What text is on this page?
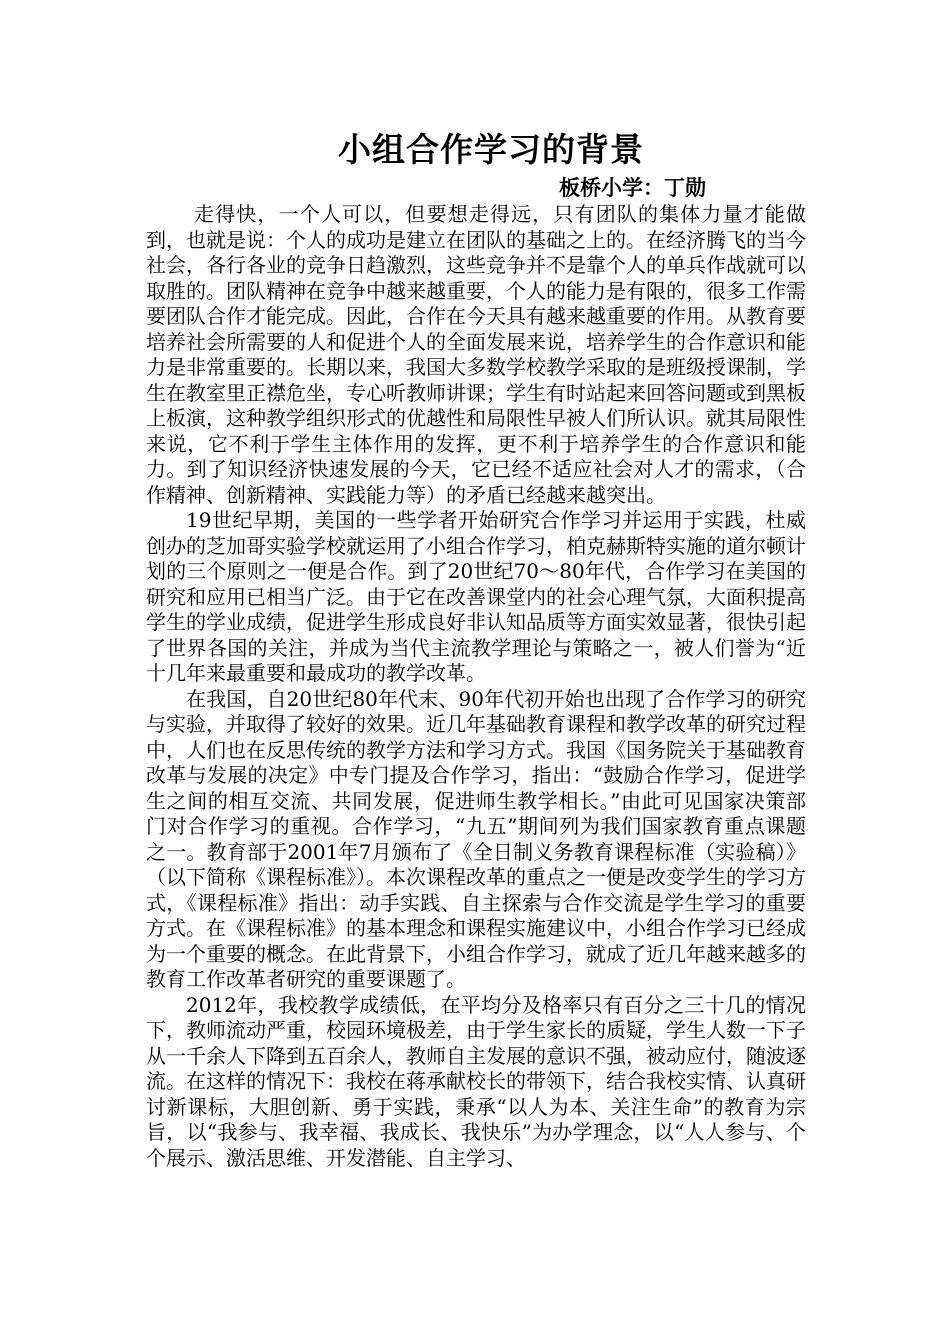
小组合作学习的背景

板桥小学：丁勋

走得快，一个人可以，但要想走得远，只有团队的集体力量才能做到，也就是说：个人的成功是建立在团队的基础之上的。在经济腾飞的当今社会，各行各业的竞争日趋激烈，这些竞争并不是靠个人的单兵作战就可以取胜的。团队精神在竞争中越来越重要，个人的能力是有限的，很多工作需要团队合作才能完成。因此，合作在今天具有越来越重要的作用。从教育要培养社会所需要的人和促进个人的全面发展来说，培养学生的合作意识和能力是非常重要的。长期以来，我国大多数学校教学采取的是班级授课制，学生在教室里正襟危坐，专心听教师讲课；学生有时站起来回答问题或到黑板上板演，这种教学组织形式的优越性和局限性早被人们所认识。就其局限性来说，它不利于学生主体作用的发挥，更不利于培养学生的合作意识和能力。到了知识经济快速发展的今天，它已经不适应社会对人才的需求，（合作精神、创新精神、实践能力等）的矛盾已经越来越突出。

19世纪早期，美国的一些学者开始研究合作学习并运用于实践，杜威创办的芝加哥实验学校就运用了小组合作学习，柏克赫斯特实施的道尔顿计划的三个原则之一便是合作。到了20世纪70～80年代，合作学习在美国的研究和应用已相当广泛。由于它在改善课堂内的社会心理气氛，大面积提高学生的学业成绩，促进学生形成良好非认知品质等方面实效显著，很快引起了世界各国的关注，并成为当代主流教学理论与策略之一，被人们誉为“近十几年来最重要和最成功的教学改革。

在我国，自20世纪80年代末、90年代初开始也出现了合作学习的研究与实验，并取得了较好的效果。近几年基础教育课程和教学改革的研究过程中，人们也在反思传统的教学方法和学习方式。我国《国务院关于基础教育改革与发展的决定》中专门提及合作学习，指出：“鼓励合作学习，促进学生之间的相互交流、共同发展，促进师生教学相长。”由此可见国家决策部门对合作学习的重视。合作学习，“九五”期间列为我们国家教育重点课题之一。教育部于2001年7月颁布了《全日制义务教育课程标准（实验稿）》（以下简称《课程标准》）。本次课程改革的重点之一便是改变学生的学习方式，《课程标准》指出：动手实践、自主探索与合作交流是学生学习的重要方式。在《课程标准》的基本理念和课程实施建议中，小组合作学习已经成为一个重要的概念。在此背景下，小组合作学习，就成了近几年越来越多的教育工作改革者研究的重要课题了。

2012年，我校教学成绩低，在平均分及格率只有百分之三十几的情况下，教师流动严重，校园环境极差，由于学生家长的质疑，学生人数一下子从一千余人下降到五百余人，教师自主发展的意识不强，被动应付，随波逐流。在这样的情况下：我校在蒋承献校长的带领下，结合我校实情、认真研讨新课标，大胆创新、勇于实践，秉承“以人为本、关注生命”的教育为宗旨，以“我参与、我幸福、我成长、我快乐”为办学理念，以“人人参与、个个展示、激活思维、开发潜能、自主学习、
